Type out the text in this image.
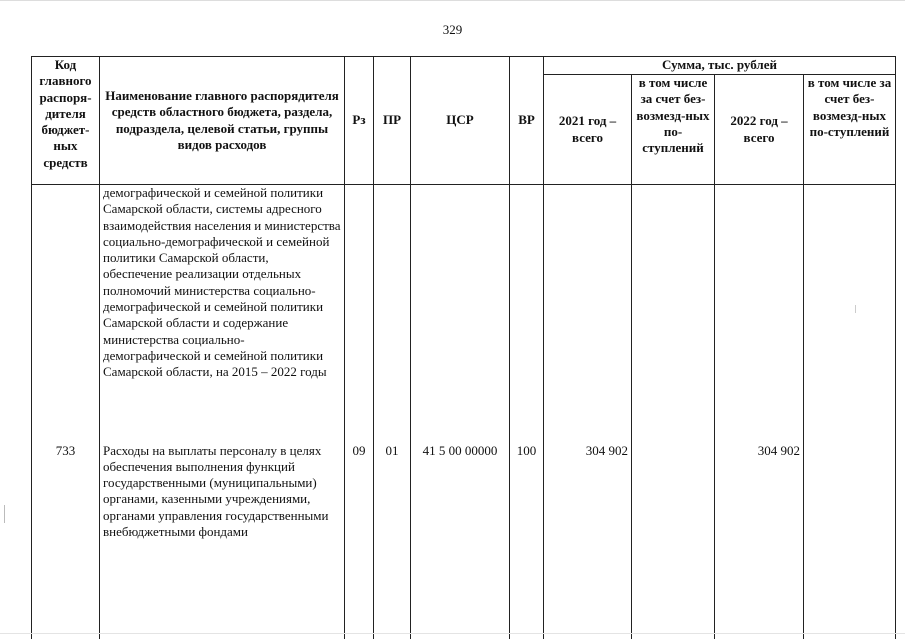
329
Код главного распоря-дителя бюджет-ных средств	Наименование главного распорядителя средств областного бюджета, раздела, подраздела, целевой статьи, группы видов расходов	Рз	ПР	ЦСР	ВР	Сумма, тыс. рублей			
						2021 год – всего	в том числе за счет без-возмезд-ных по-ступлений	2022 год – всего	в том числе за счет без-возмезд-ных по-ступлений
	демографической и семейной политики Самарской области, системы адресного взаимодействия населения и министерства социально-демографической и семейной политики Самарской области, обеспечение реализации отдельных полномочий министерства социально-демографической и семейной политики Самарской области и содержание министерства социально-демографической и семейной политики Самарской области, на 2015 – 2022 годы								
733	Расходы на выплаты персоналу в целях обеспечения выполнения функций государственными (муниципальными) органами, казенными учреждениями, органами управления государственными внебюджетными фондами	09	01	41 5 00 00000	100	304 902		304 902	
